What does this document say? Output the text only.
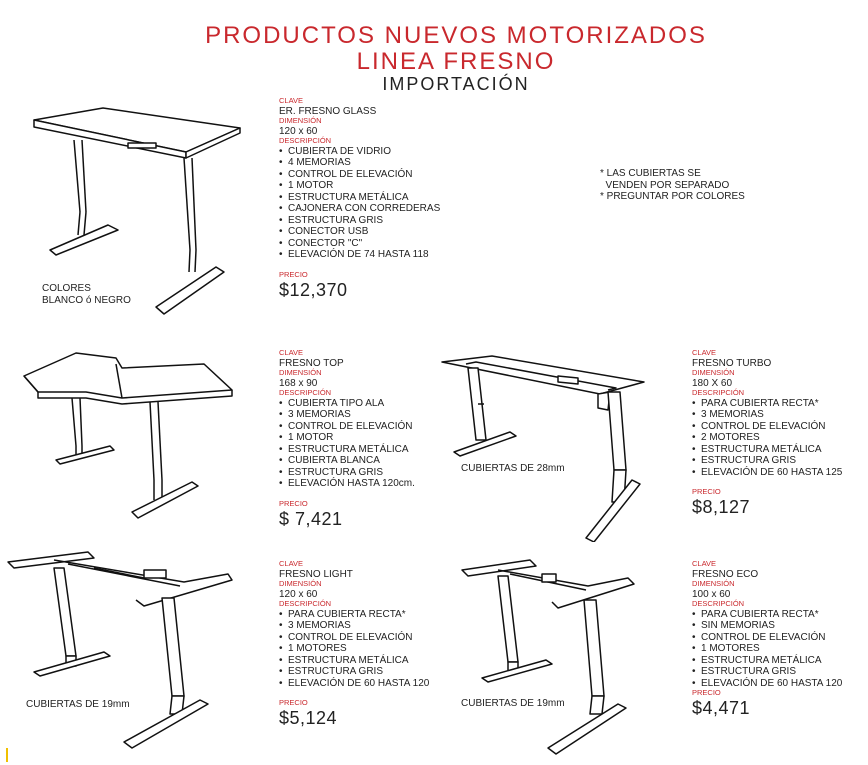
PRODUCTOS NUEVOS MOTORIZADOS
LINEA FRESNO
IMPORTACIÓN
* LAS CUBIERTAS SE
VENDEN POR SEPARADO
* PREGUNTAR POR COLORES
COLORES
BLANCO ó NEGRO
CLAVE
ER. FRESNO GLASS
DIMENSIÓN
120 x 60
DESCRIPCIÓN
• CUBIERTA DE VIDRIO
• 4 MEMORIAS
• CONTROL DE ELEVACIÓN
• 1 MOTOR
• ESTRUCTURA METÁLICA
• CAJONERA CON CORREDERAS
• ESTRUCTURA GRIS
• CONECTOR USB
• CONECTOR "C"
• ELEVACIÓN DE 74 HASTA 118
PRECIO
$12,370
CLAVE
FRESNO TOP
DIMENSIÓN
168 x 90
DESCRIPCIÓN
• CUBIERTA TIPO ALA
• 3 MEMORIAS
• CONTROL DE ELEVACIÓN
• 1 MOTOR
• ESTRUCTURA METÁLICA
• CUBIERTA BLANCA
• ESTRUCTURA GRIS
• ELEVACIÓN HASTA 120cm.
PRECIO
$ 7,421
CUBIERTAS DE 28mm
CLAVE
FRESNO TURBO
DIMENSIÓN
180 X 60
DESCRIPCIÓN
• PARA CUBIERTA RECTA*
• 3 MEMORIAS
• CONTROL DE ELEVACIÓN
• 2 MOTORES
• ESTRUCTURA METÁLICA
• ESTRUCTURA GRIS
• ELEVACIÓN DE 60 HASTA 125
PRECIO
$8,127
CUBIERTAS DE 19mm
CLAVE
FRESNO LIGHT
DIMENSIÓN
120 x 60
DESCRIPCIÓN
• PARA CUBIERTA RECTA*
• 3 MEMORIAS
• CONTROL DE ELEVACIÓN
• 1 MOTORES
• ESTRUCTURA METÁLICA
• ESTRUCTURA GRIS
• ELEVACIÓN DE 60 HASTA 120
PRECIO
$5,124
CUBIERTAS DE 19mm
CLAVE
FRESNO ECO
DIMENSIÓN
100 x 60
DESCRIPCIÓN
• PARA CUBIERTA RECTA*
• SIN MEMORIAS
• CONTROL DE ELEVACIÓN
• 1 MOTORES
• ESTRUCTURA METÁLICA
• ESTRUCTURA GRIS
• ELEVACIÓN DE 60 HASTA 120
PRECIO
$4,471
